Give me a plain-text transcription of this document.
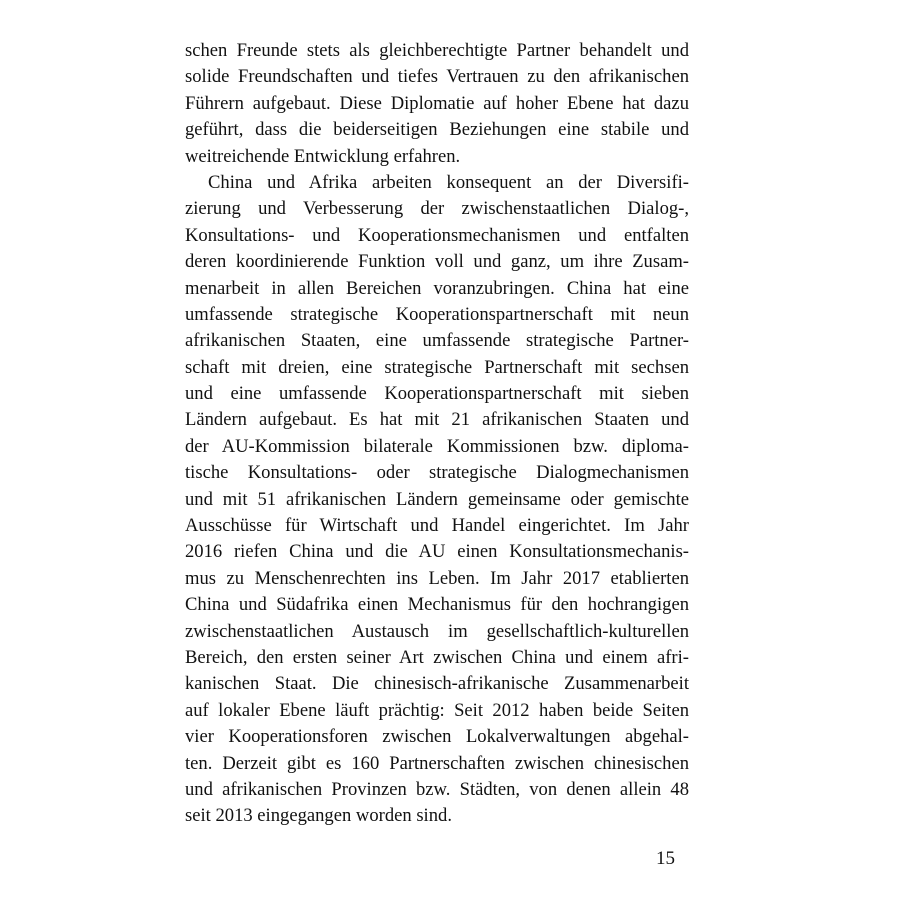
schen Freunde stets als gleichberechtigte Partner behandelt und
solide Freundschaften und tiefes Vertrauen zu den afrikanischen
Führern aufgebaut. Diese Diplomatie auf hoher Ebene hat dazu
geführt, dass die beiderseitigen Beziehungen eine stabile und
weitreichende Entwicklung erfahren.
China und Afrika arbeiten konsequent an der Diversifi-
zierung und Verbesserung der zwischenstaatlichen Dialog-,
Konsultations- und Kooperationsmechanismen und entfalten
deren koordinierende Funktion voll und ganz, um ihre Zusam-
menarbeit in allen Bereichen voranzubringen. China hat eine
umfassende strategische Kooperationspartnerschaft mit neun
afrikanischen Staaten, eine umfassende strategische Partner-
schaft mit dreien, eine strategische Partnerschaft mit sechsen
und eine umfassende Kooperationspartnerschaft mit sieben
Ländern aufgebaut. Es hat mit 21 afrikanischen Staaten und
der AU-Kommission bilaterale Kommissionen bzw. diploma-
tische Konsultations- oder strategische Dialogmechanismen
und mit 51 afrikanischen Ländern gemeinsame oder gemischte
Ausschüsse für Wirtschaft und Handel eingerichtet. Im Jahr
2016 riefen China und die AU einen Konsultationsmechanis-
mus zu Menschenrechten ins Leben. Im Jahr 2017 etablierten
China und Südafrika einen Mechanismus für den hochrangigen
zwischenstaatlichen Austausch im gesellschaftlich-kulturellen
Bereich, den ersten seiner Art zwischen China und einem afri-
kanischen Staat. Die chinesisch-afrikanische Zusammenarbeit
auf lokaler Ebene läuft prächtig: Seit 2012 haben beide Seiten
vier Kooperationsforen zwischen Lokalverwaltungen abgehal-
ten. Derzeit gibt es 160 Partnerschaften zwischen chinesischen
und afrikanischen Provinzen bzw. Städten, von denen allein 48
seit 2013 eingegangen worden sind.
15
